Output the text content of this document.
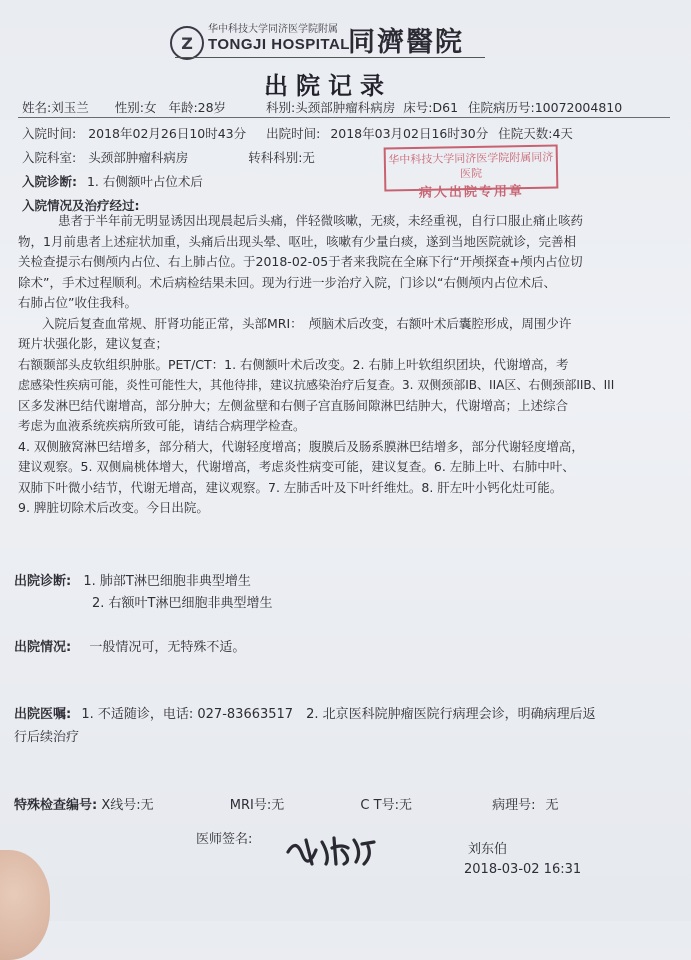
Z
华中科技大学同济医学院附属
TONGJI HOSPITAL
同濟醫院
出院记录
姓名:刘玉兰 性别:女 年龄:28岁	科别:头颈部肿瘤科病房 床号:D61 住院病历号:10072004810
入院时间: 2018年02月26日10时43分 出院时间: 2018年03月02日16时30分 住院天数:4天
入院科室: 头颈部肿瘤科病房	转科科别:无
入院诊断: 1. 右侧额叶占位术后
华中科技大学同济医学院附属同济医院
病人出院专用章
入院情况及治疗经过:
患者于半年前无明显诱因出现晨起后头痛，伴轻微咳嗽，无痰，未经重视，自行口服止痛止咳药
物，1月前患者上述症状加重，头痛后出现头晕、呕吐，咳嗽有少量白痰，遂到当地医院就诊，完善相
关检查提示右侧颅内占位、右上肺占位。于2018-02-05于者来我院在全麻下行“开颅探查+颅内占位切
除术”，手术过程顺利。术后病检结果未回。现为行进一步治疗入院，门诊以“右侧颅内占位术后、
右肺占位”收住我科。
入院后复查血常规、肝肾功能正常，头部MRI：　颅脑术后改变，右额叶术后囊腔形成，周围少许
斑片状强化影，建议复查；
右额颞部头皮软组织肿胀。PET/CT：1. 右侧额叶术后改变。2. 右肺上叶软组织团块，代谢增高，考
虑感染性疾病可能，炎性可能性大，其他待排，建议抗感染治疗后复查。3. 双侧颈部IB、IIA区、右侧颈部IIB、III
区多发淋巴结代谢增高，部分肿大；左侧盆壁和右侧子宫直肠间隙淋巴结肿大，代谢增高；上述综合
考虑为血液系统疾病所致可能，请结合病理学检查。
4. 双侧腋窝淋巴结增多，部分稍大，代谢轻度增高；腹膜后及肠系膜淋巴结增多，部分代谢轻度增高，
建议观察。5. 双侧扁桃体增大，代谢增高，考虑炎性病变可能，建议复查。6. 左肺上叶、右肺中叶、
双肺下叶微小结节，代谢无增高，建议观察。7. 左肺舌叶及下叶纤维灶。8. 肝左叶小钙化灶可能。
9. 脾脏切除术后改变。今日出院。
出院诊断: 1. 肺部T淋巴细胞非典型增生
2. 右额叶T淋巴细胞非典型增生
出院情况: 一般情况可，无特殊不适。
出院医嘱: 1. 不适随诊，电话: 027-83663517　2. 北京医科院肿瘤医院行病理会诊，明确病理后返
行后续治疗
特殊检查编号: X线号:无	MRI号:无	C T号:无	病理号: 无
医师签名:
刘东伯
2018-03-02 16:31
